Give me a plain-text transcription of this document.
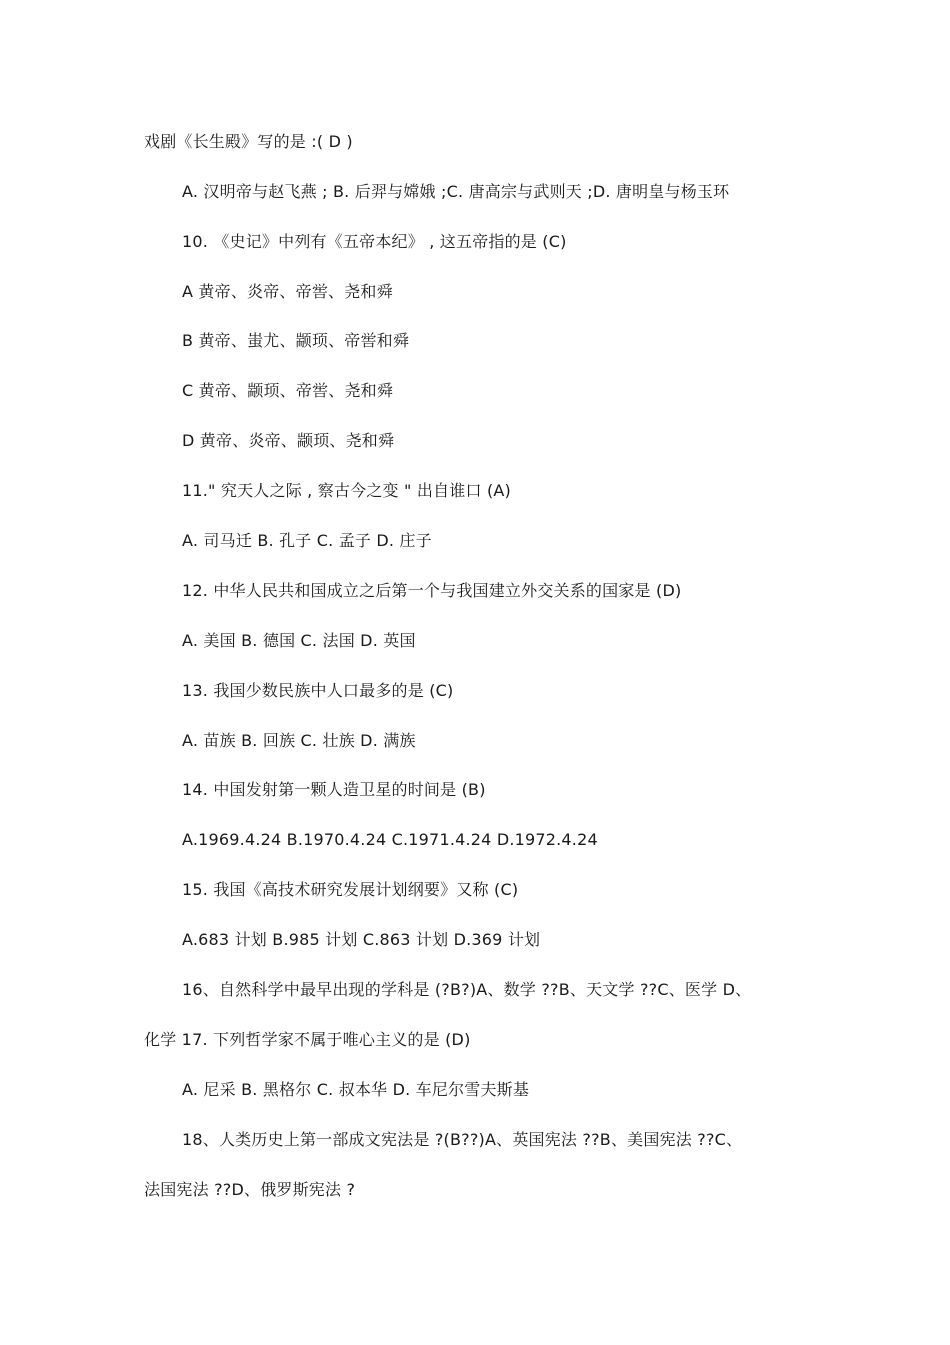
戏剧《长生殿》写的是 :( D )
A. 汉明帝与赵飞燕 ; B. 后羿与嫦娥 ;C. 唐高宗与武则天 ;D. 唐明皇与杨玉环
10. 《史记》中列有《五帝本纪》 , 这五帝指的是 (C)
A 黄帝、炎帝、帝喾、尧和舜
B 黄帝、蚩尤、颛顼、帝喾和舜
C 黄帝、颛顼、帝喾、尧和舜
D 黄帝、炎帝、颛顼、尧和舜
11." 究天人之际 , 察古今之变 " 出自谁口 (A)
A. 司马迁 B. 孔子 C. 孟子 D. 庄子
12. 中华人民共和国成立之后第一个与我国建立外交关系的国家是 (D)
A. 美国 B. 德国 C. 法国 D. 英国
13. 我国少数民族中人口最多的是 (C)
A. 苗族 B. 回族 C. 壮族 D. 满族
14. 中国发射第一颗人造卫星的时间是 (B)
A.1969.4.24 B.1970.4.24 C.1971.4.24 D.1972.4.24
15. 我国《高技术研究发展计划纲要》又称 (C)
A.683 计划 B.985 计划 C.863 计划 D.369 计划
16、自然科学中最早出现的学科是 (?B?)A、数学 ??B、天文学 ??C、医学 D、
化学 17. 下列哲学家不属于唯心主义的是 (D)
A. 尼采 B. 黑格尔 C. 叔本华 D. 车尼尔雪夫斯基
18、人类历史上第一部成文宪法是 ?(B??)A、英国宪法 ??B、美国宪法 ??C、
法国宪法 ??D、俄罗斯宪法 ?
